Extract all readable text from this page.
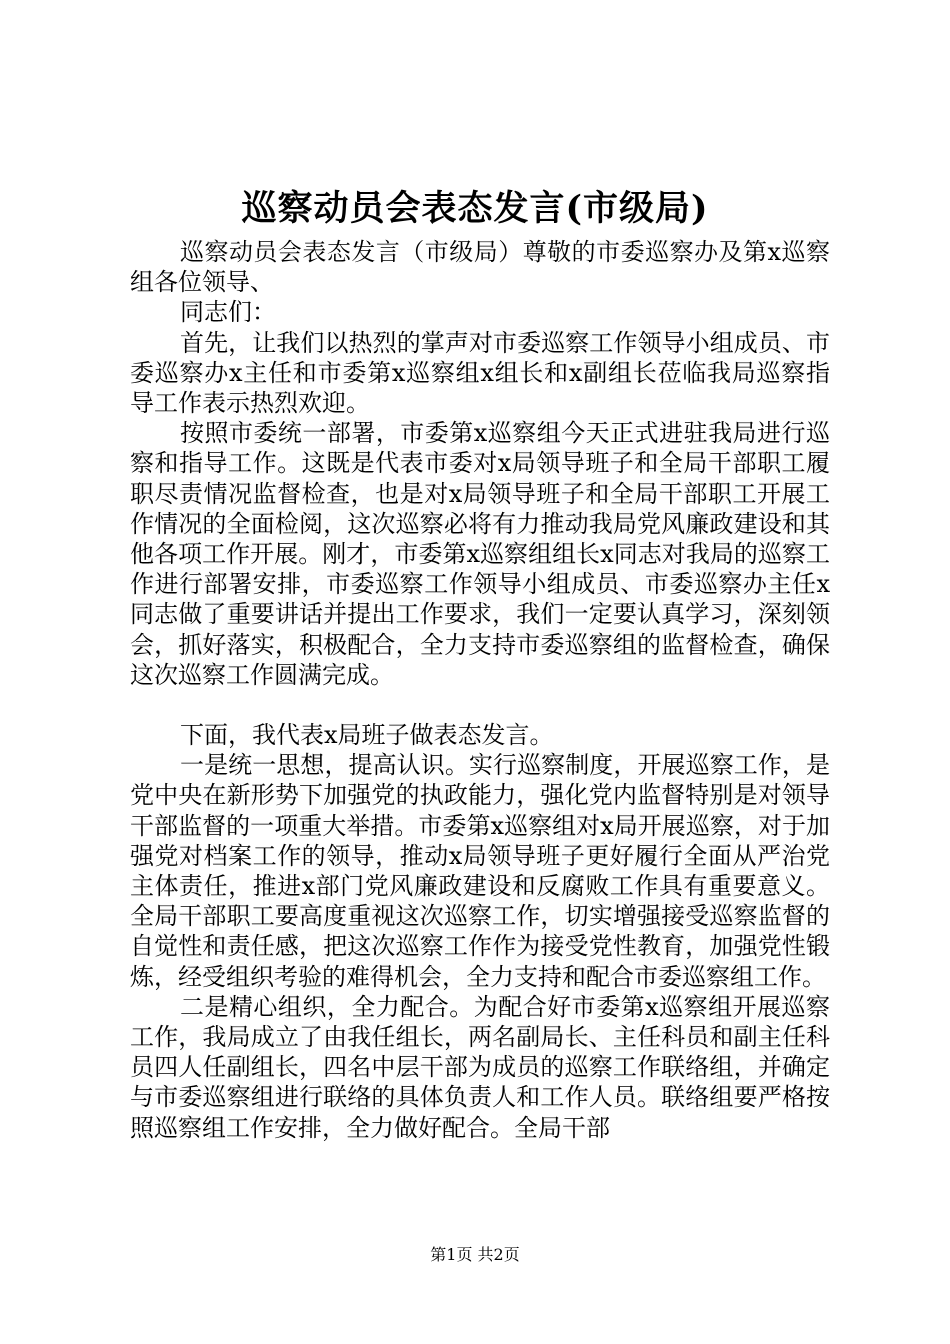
巡察动员会表态发言(市级局)

巡察动员会表态发言（市级局）尊敬的市委巡察办及第x巡察组各位领导、

同志们：

首先，让我们以热烈的掌声对市委巡察工作领导小组成员、市委巡察办x主任和市委第x巡察组x组长和x副组长莅临我局巡察指导工作表示热烈欢迎。

按照市委统一部署，市委第x巡察组今天正式进驻我局进行巡察和指导工作。这既是代表市委对x局领导班子和全局干部职工履职尽责情况监督检查，也是对x局领导班子和全局干部职工开展工作情况的全面检阅，这次巡察必将有力推动我局党风廉政建设和其他各项工作开展。刚才，市委第x巡察组组长x同志对我局的巡察工作进行部署安排，市委巡察工作领导小组成员、市委巡察办主任x同志做了重要讲话并提出工作要求，我们一定要认真学习，深刻领会，抓好落实，积极配合，全力支持市委巡察组的监督检查，确保这次巡察工作圆满完成。

下面，我代表x局班子做表态发言。

一是统一思想，提高认识。实行巡察制度，开展巡察工作，是党中央在新形势下加强党的执政能力，强化党内监督特别是对领导干部监督的一项重大举措。市委第x巡察组对x局开展巡察，对于加强党对档案工作的领导，推动x局领导班子更好履行全面从严治党主体责任，推进x部门党风廉政建设和反腐败工作具有重要意义。全局干部职工要高度重视这次巡察工作，切实增强接受巡察监督的自觉性和责任感，把这次巡察工作作为接受党性教育，加强党性锻炼，经受组织考验的难得机会，全力支持和配合市委巡察组工作。

二是精心组织，全力配合。为配合好市委第x巡察组开展巡察工作，我局成立了由我任组长，两名副局长、主任科员和副主任科员四人任副组长，四名中层干部为成员的巡察工作联络组，并确定与市委巡察组进行联络的具体负责人和工作人员。联络组要严格按照巡察组工作安排，全力做好配合。全局干部

第1页 共2页
